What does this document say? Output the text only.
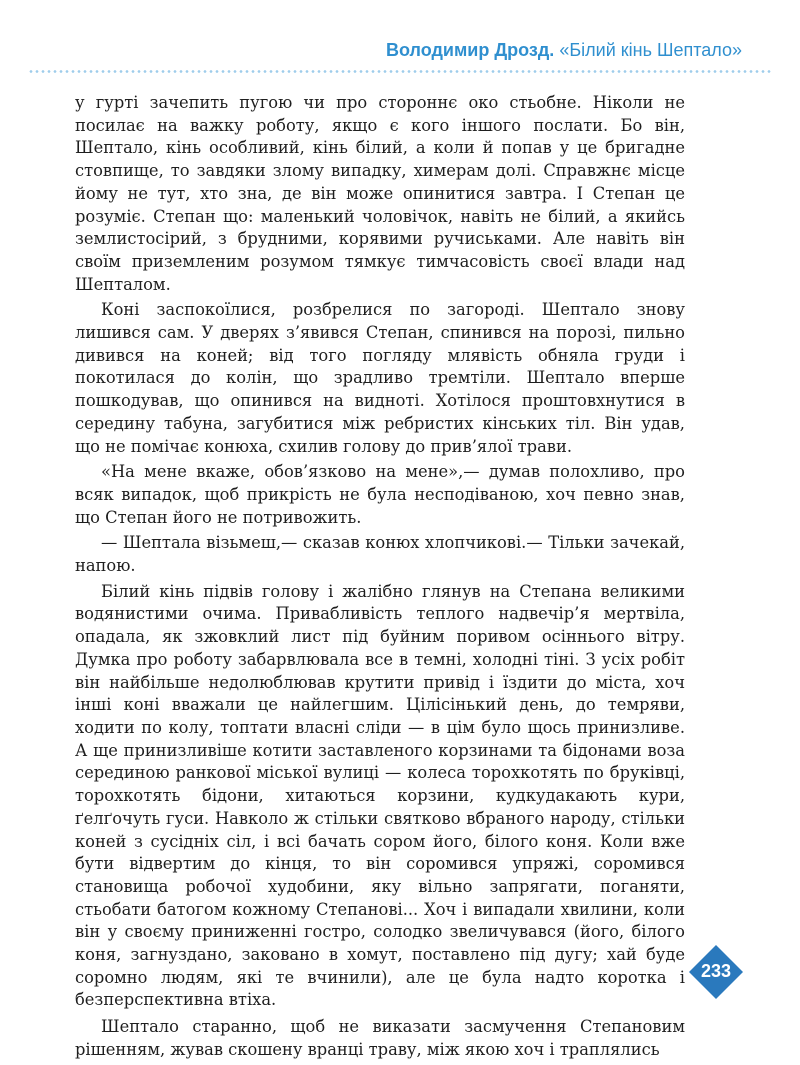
Володимир Дрозд. «Білий кінь Шептало»

у гурті зачепить пугою чи про стороннє око стьобне. Ніколи не посилає на важку роботу, якщо є кого іншого послати. Бо він, Шептало, кінь особливий, кінь білий, а коли й попав у це бригадне стовпище, то завдяки злому випадку, химерам долі. Справжнє місце йому не тут, хто зна, де він може опинитися завтра. І Степан це розуміє. Степан що: маленький чоловічок, навіть не білий, а якийсь землистосірий, з брудними, корявими ручиськами. Але навіть він своїм приземленим розумом тямкує тимчасовість своєї влади над Шепталом.

Коні заспокоїлися, розбрелися по загороді. Шептало знову лишився сам. У дверях з’явився Степан, спинився на порозі, пильно дивився на коней; від того погляду млявість обняла груди і покотилася до колін, що зрадливо тремтіли. Шептало вперше пошкодував, що опинився на видноті. Хотілося проштовхнутися в середину табуна, загубитися між ребристих кінських тіл. Він удав, що не помічає конюха, схилив голову до прив’ялої трави.

«На мене вкаже, обов’язково на мене»,— думав полохливо, про всяк випадок, щоб прикрість не була несподіваною, хоч певно знав, що Степан його не потривожить.

— Шептала візьмеш,— сказав конюх хлопчикові.— Тільки зачекай, напою.

Білий кінь підвів голову і жалібно глянув на Степана великими водянистими очима. Привабливість теплого надвечір’я мертвіла, опадала, як зжовклий лист під буйним поривом осіннього вітру. Думка про роботу забарвлювала все в темні, холодні тіні. З усіх робіт він найбільше недолюблював крутити привід і їздити до міста, хоч інші коні вважали це найлегшим. Цілісінький день, до темряви, ходити по колу, топтати власні сліди — в цім було щось принизливе. А ще принизливіше котити заставленого корзинами та бідонами воза серединою ранкової міської вулиці — колеса торохкотять по бруківці, торохкотять бідони, хитаються корзини, кудкудакають кури, ґелґочуть гуси. Навколо ж стільки святково вбраного народу, стільки коней з сусідніх сіл, і всі бачать сором його, білого коня. Коли вже бути відвертим до кінця, то він соромився упряжі, соромився становища робочої худобини, яку вільно запрягати, поганяти, стьобати батогом кожному Степанові... Хоч і випадали хвилини, коли він у своєму приниженні гостро, солодко звеличувався (його, білого коня, загнуздано, заковано в хомут, поставлено під дугу; хай буде соромно людям, які те вчинили), але це була надто коротка і безперспективна втіха.

Шептало старанно, щоб не виказати засмучення Степановим рішенням, жував скошену вранці траву, між якою хоч і траплялись

233
